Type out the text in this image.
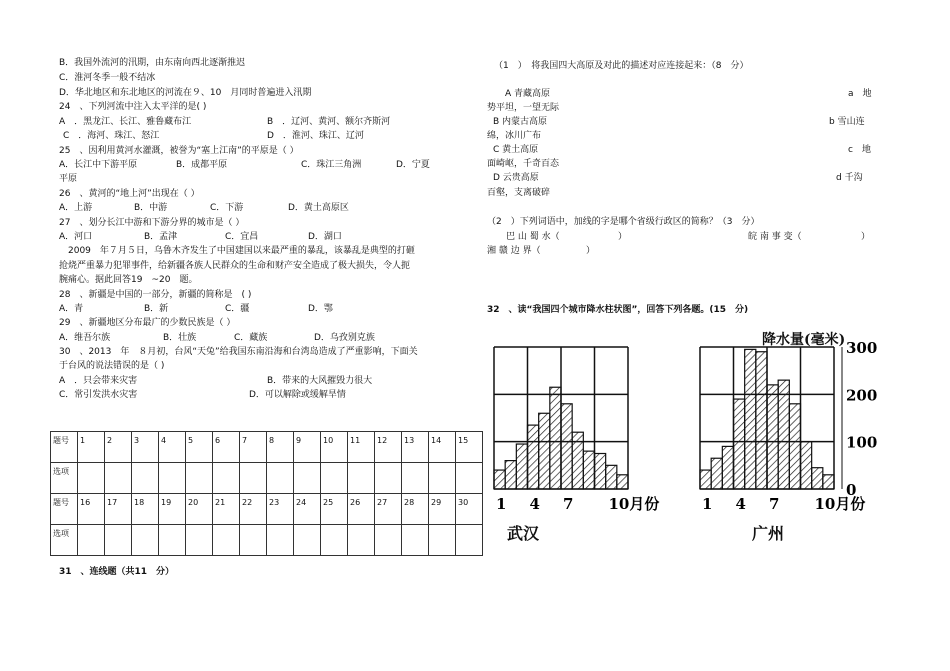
B．我国外流河的汛期，由东南向西北逐渐推迟
C．淮河冬季一般不结冰
D．华北地区和东北地区的河流在９、10　月同时普遍进入汛期
24　、下列河流中注入太平洋的是( )
A　．黑龙江、长江、雅鲁藏布江	B　．辽河、黄河、额尔齐斯河
C　．海河、珠江、怒江	D　．淮河、珠江、辽河
25　、因利用黄河水灌溉，被誉为“塞上江南”的平原是（ ）
A．长江中下游平原	B．成都平原	C．珠江三角洲	D．宁夏
平原
26　、黄河的“地上河”出现在（ ）
A．上游	B．中游	C．下游	D．黄土高原区
27　、划分长江中游和下游分界的城市是（ ）
A．河口	B．孟津	C．宜昌	D．湖口
　2009　年７月５日，乌鲁木齐发生了中国建国以来最严重的暴乱，该暴乱是典型的打砸
抢烧严重暴力犯罪事件，给新疆各族人民群众的生命和财产安全造成了极大损失，令人扼
腕痛心。据此回答19　~20　题。
28　、新疆是中国的一部分，新疆的简称是　( )
A．青	B．新	C．疆	D．鄂
29　、新疆地区分布最广的少数民族是（ ）
A．维吾尔族	B．壮族	C．藏族	D．乌孜别克族
30　、2013　年　８月初，台风“天兔”给我国东南沿海和台湾岛造成了严重影响，下面关
于台风的说法错误的是（ )
A　．只会带来灾害	B．带来的大风摧毁力很大
C．常引发洪水灾害	D．可以解除或缓解旱情
题号	1	2	3	4	5	6	7	8	9	10	11	12	13	14	15
选项															
题号	16	17	18	19	20	21	22	23	24	25	26	27	28	29	30
选项															
31　、连线题（共11　分）
（1　）　将我国四大高原及对此的描述对应连接起来：（8　分）
A 青藏高原	a　地
势平坦，一望无际
B 内蒙古高原	b 雪山连
绵，冰川广布
C 黄土高原	c　地
面崎岖，千奇百态
D 云贵高原	d 千沟
百壑，支离破碎
（2　）下列词语中，加线的字是哪个省级行政区的简称？（3　分）
巴 山 蜀 水（	）	皖 南 事 变（	）
湘 赣 边 界（	）
32　、读“我国四个城市降水柱状图”，回答下列各题。(15　分)
1 4 7 10月份	1 4 7 10月份
300
200
100
0
降水量(毫米)
武汉	广州
